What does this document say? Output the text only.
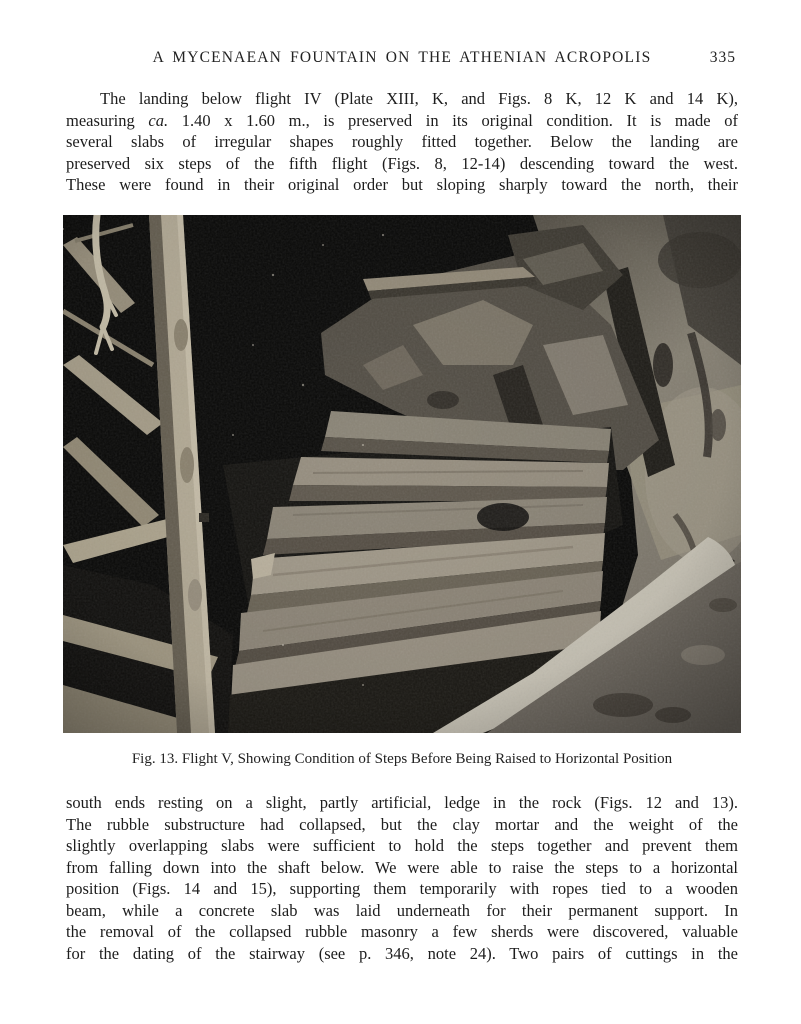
A MYCENAEAN FOUNTAIN ON THE ATHENIAN ACROPOLIS	335
The landing below flight IV (Plate XIII, K, and Figs. 8 K, 12 K and 14 K),
measuring ca. 1.40 x 1.60 m., is preserved in its original condition. It is made of
several slabs of irregular shapes roughly fitted together. Below the landing are
preserved six steps of the fifth flight (Figs. 8, 12-14) descending toward the west.
These were found in their original order but sloping sharply toward the north, their
Fig. 13. Flight V, Showing Condition of Steps Before Being Raised to Horizontal Position
south ends resting on a slight, partly artificial, ledge in the rock (Figs. 12 and 13).
The rubble substructure had collapsed, but the clay mortar and the weight of the
slightly overlapping slabs were sufficient to hold the steps together and prevent them
from falling down into the shaft below. We were able to raise the steps to a horizontal
position (Figs. 14 and 15), supporting them temporarily with ropes tied to a wooden
beam, while a concrete slab was laid underneath for their permanent support. In
the removal of the collapsed rubble masonry a few sherds were discovered, valuable
for the dating of the stairway (see p. 346, note 24). Two pairs of cuttings in the
